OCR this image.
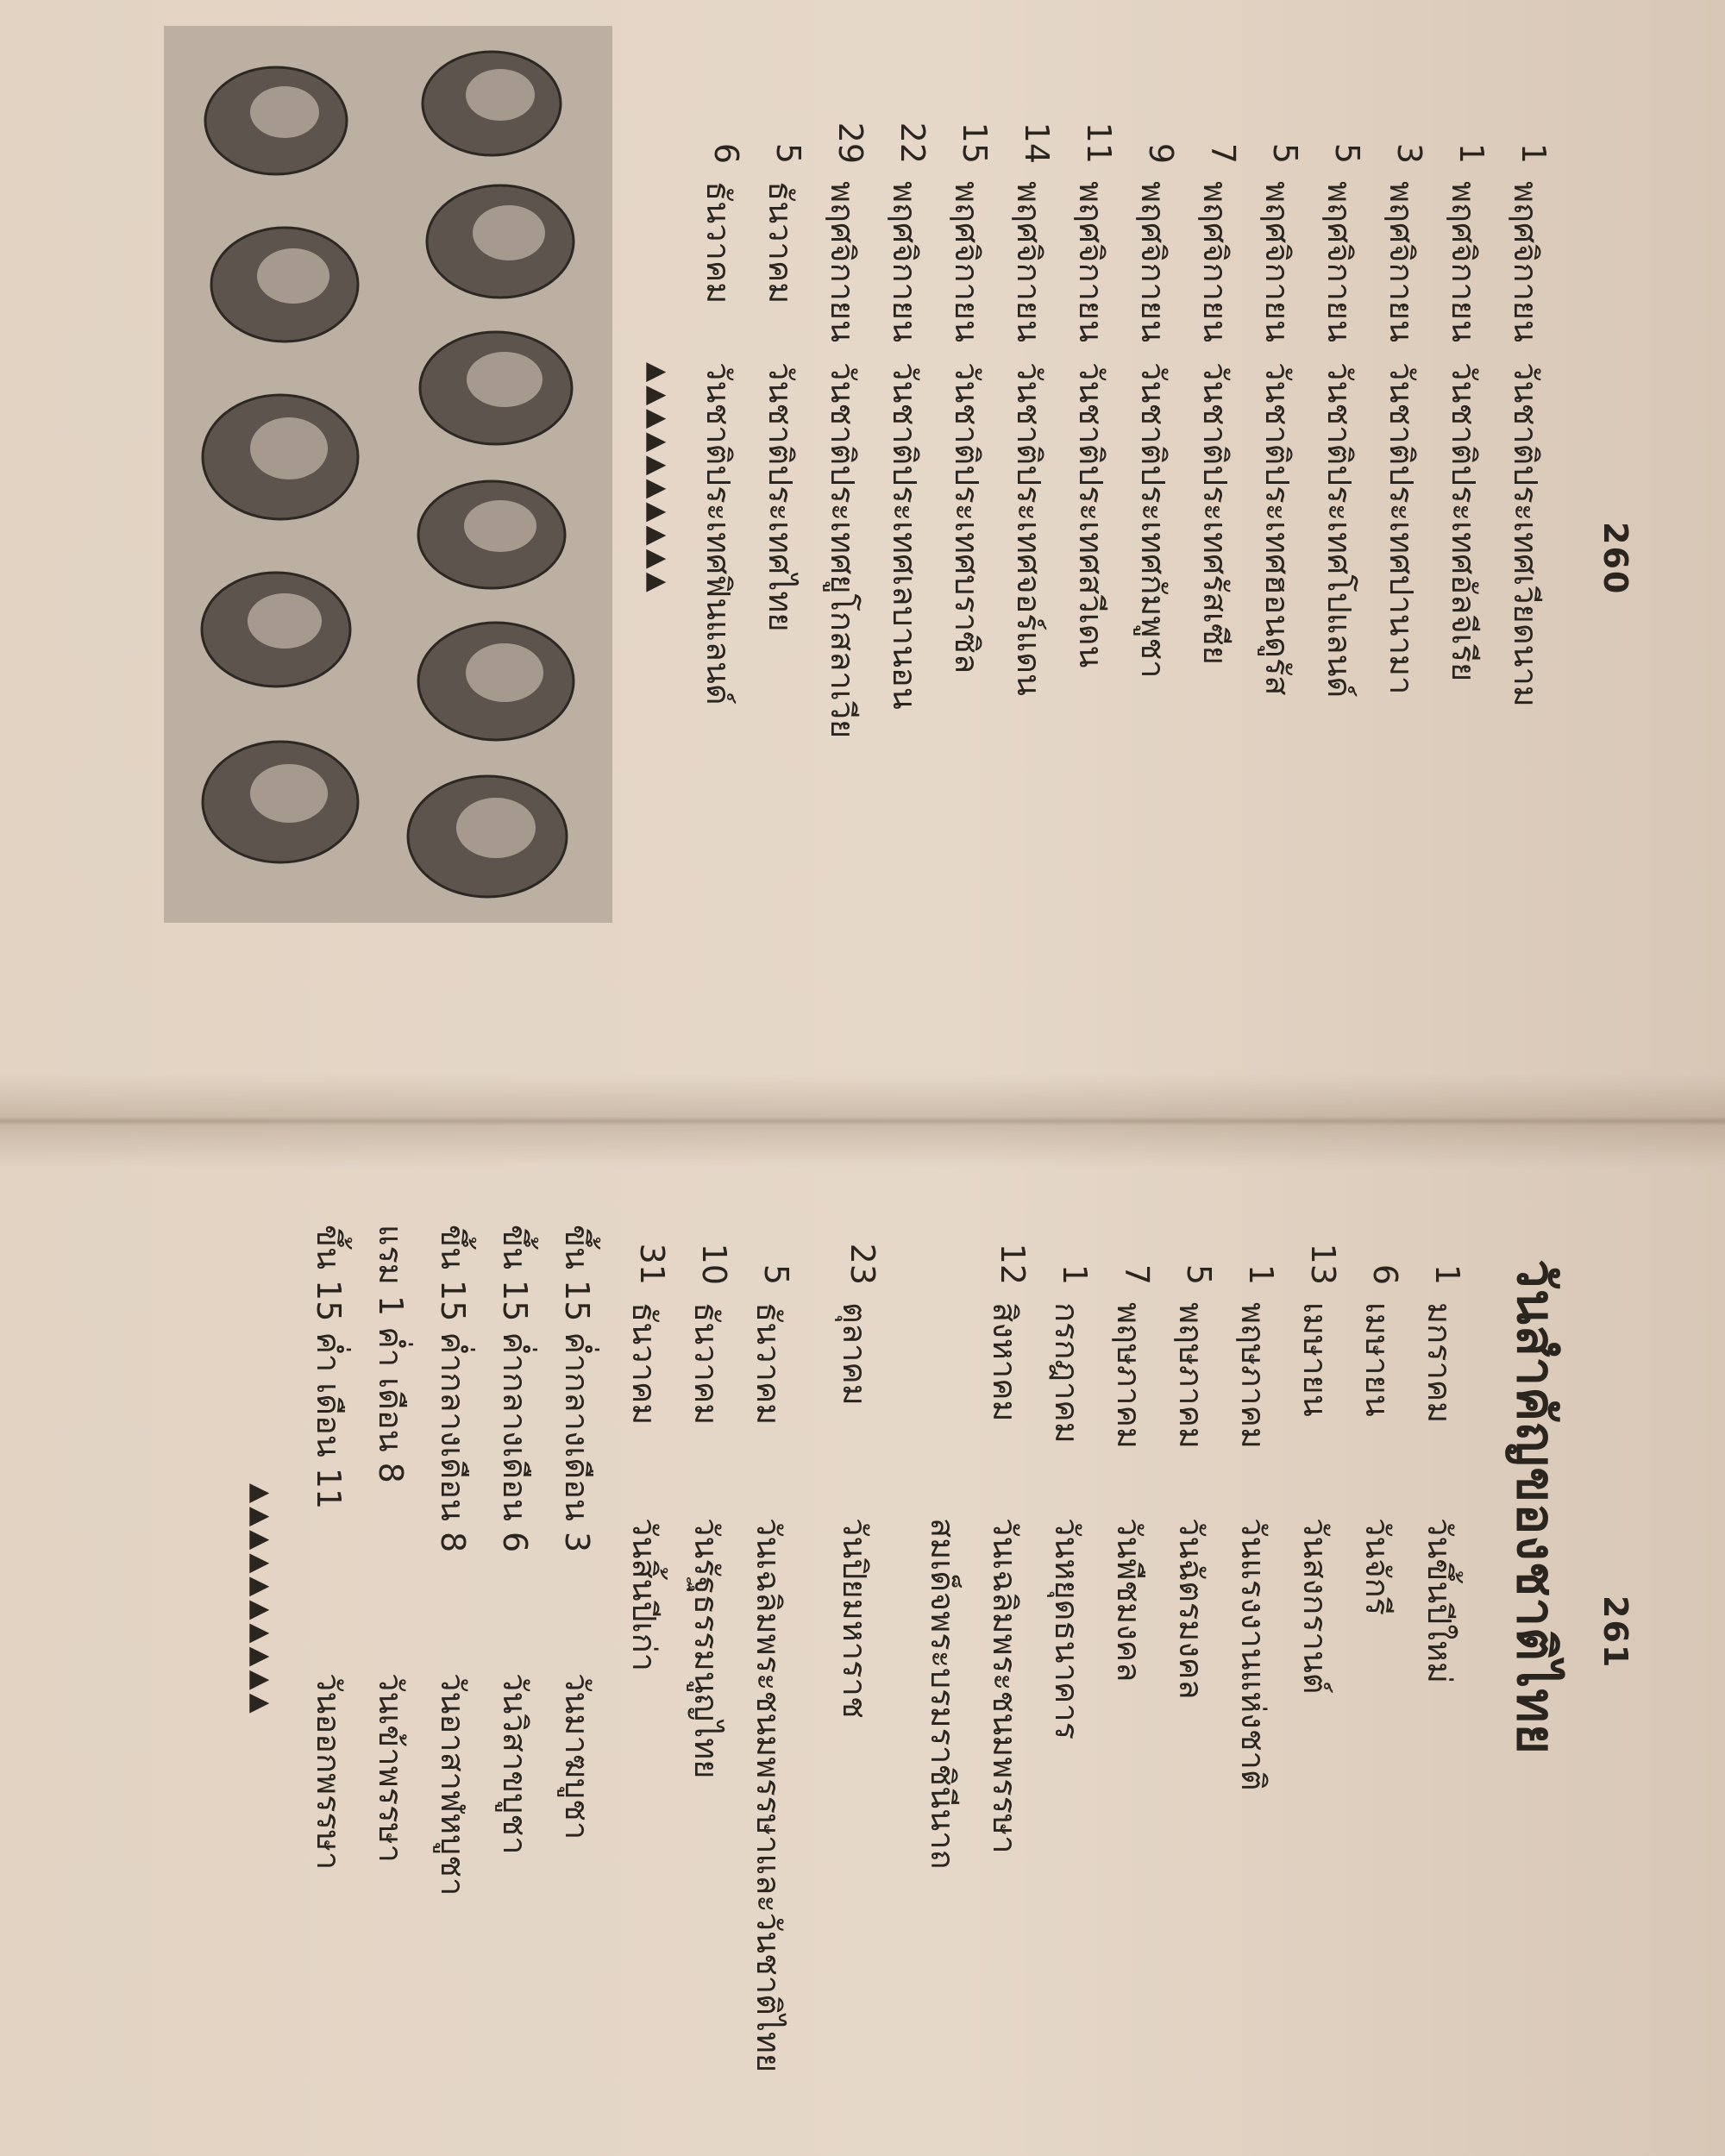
260
1
พฤศจิกายน
วันชาติประเทศเวียดนาม
1
พฤศจิกายน
วันชาติประเทศอัลจีเรีย
3
พฤศจิกายน
วันชาติประเทศปานามา
5
พฤศจิกายน
วันชาติประเทศโปแลนด์
5
พฤศจิกายน
วันชาติประเทศฮอนดูรัส
7
พฤศจิกายน
วันชาติประเทศรัสเซีย
9
พฤศจิกายน
วันชาติประเทศกัมพูชา
11
พฤศจิกายน
วันชาติประเทศสวีเดน
14
พฤศจิกายน
วันชาติประเทศจอร์แดน
15
พฤศจิกายน
วันชาติประเทศบราซิล
22
พฤศจิกายน
วันชาติประเทศเลบานอน
29
พฤศจิกายน
วันชาติประเทศยูโกสลาเวีย
5
ธันวาคม
วันชาติประเทศไทย
6
ธันวาคม
วันชาติประเทศฟินแลนด์
▲▲▲▲▲▲▲▲▲▲
261
วันสำคัญของชาติไทย
1
มกราคม
วันขึ้นปีใหม่
6
เมษายน
วันจักรี
13
เมษายน
วันสงกรานต์
1
พฤษภาคม
วันแรงงานแห่งชาติ
5
พฤษภาคม
วันฉัตรมงคล
7
พฤษภาคม
วันพืชมงคล
1
กรกฎาคม
วันหยุดธนาคาร
12
สิงหาคม
วันเฉลิมพระชนมพรรษา
สมเด็จพระบรมราชินีนาถ
23
ตุลาคม
วันปิยมหาราช
5
ธันวาคม
วันเฉลิมพระชนมพรรษาและวันชาติไทย
10
ธันวาคม
วันรัฐธรรมนูญไทย
31
ธันวาคม
วันสิ้นปีเก่า
ขึ้น 15 ค่ำกลางเดือน 3
วันมาฆบูชา
ขึ้น 15 ค่ำกลางเดือน 6
วันวิสาขบูชา
ขึ้น 15 ค่ำกลางเดือน 8
วันอาสาฬหบูชา
แรม 1 ค่ำ เดือน 8
วันเข้าพรรษา
ขึ้น 15 ค่ำ เดือน 11
วันออกพรรษา
▲▲▲▲▲▲▲▲▲▲
